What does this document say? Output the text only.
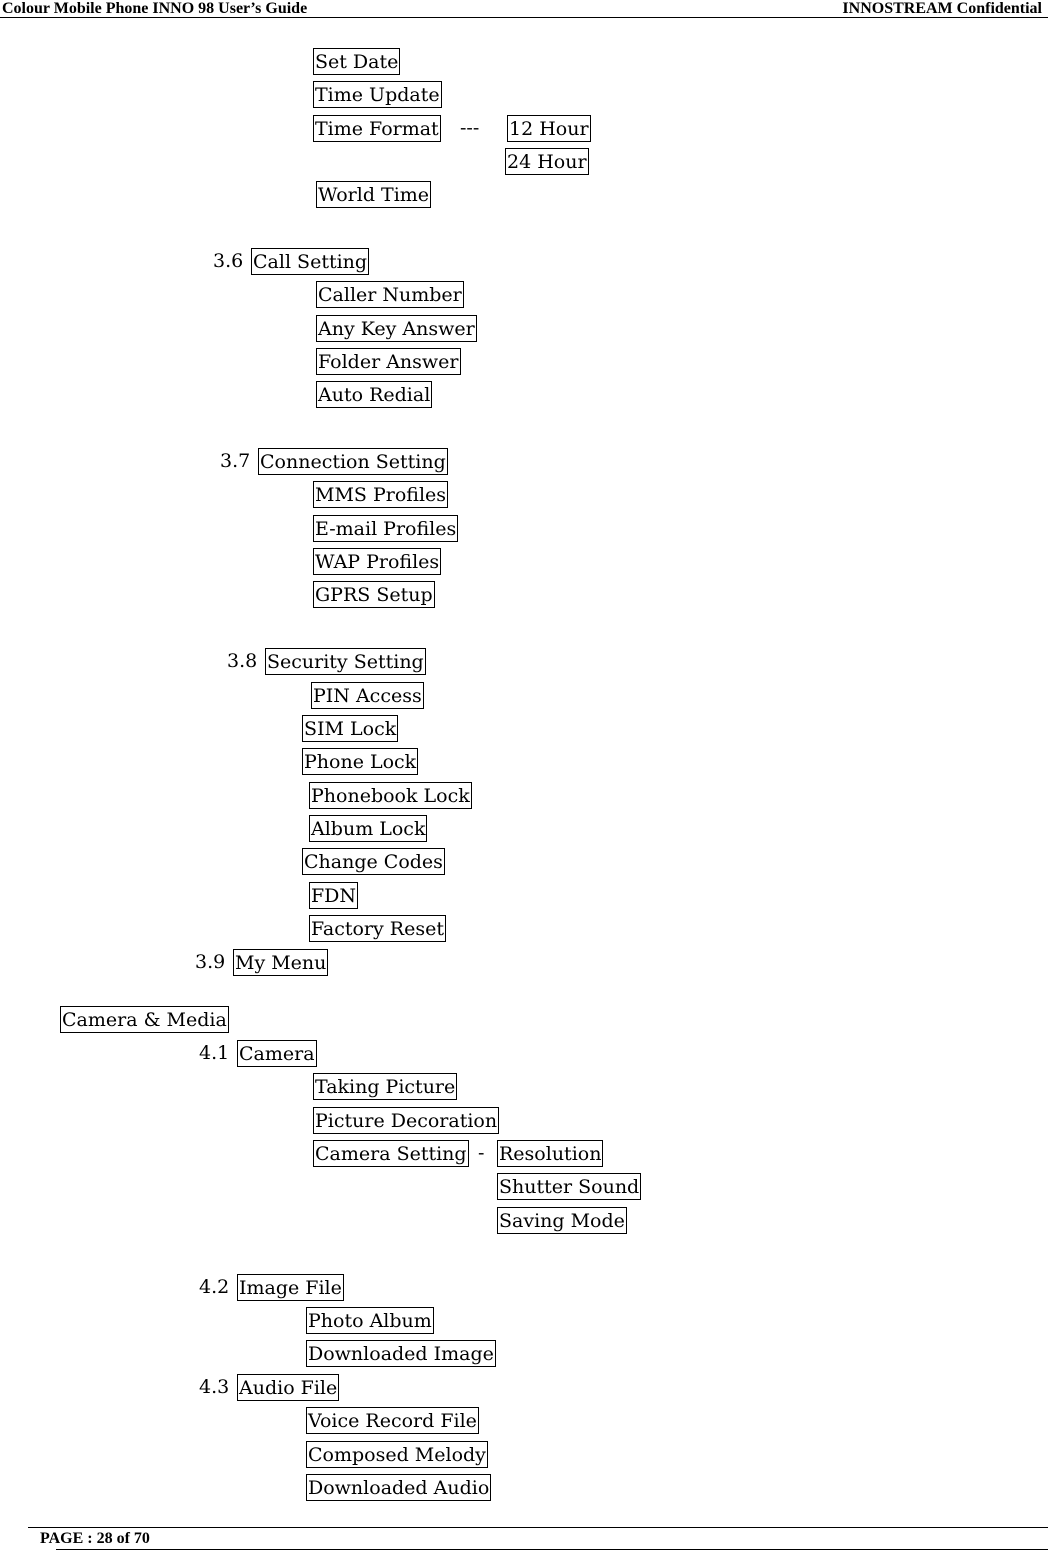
Colour Mobile Phone INNO 98 User’s Guide	INNOSTREAM Confidential
Set Date
Time Update
Time Format --- 12 Hour
24 Hour
World Time
3.6 Call Setting
Caller Number
Any Key Answer
Folder Answer
Auto Redial
3.7 Connection Setting
MMS Profiles
E-mail Profiles
WAP Profiles
GPRS Setup
3.8 Security Setting
PIN Access
SIM Lock
Phone Lock
Phonebook Lock
Album Lock
Change Codes
FDN
Factory Reset
3.9 My Menu
Camera & Media
4.1 Camera
Taking Picture
Picture Decoration
Camera Setting - Resolution
Shutter Sound
Saving Mode
4.2 Image File
Photo Album
Downloaded Image
4.3 Audio File
Voice Record File
Composed Melody
Downloaded Audio
PAGE : 28 of 70
